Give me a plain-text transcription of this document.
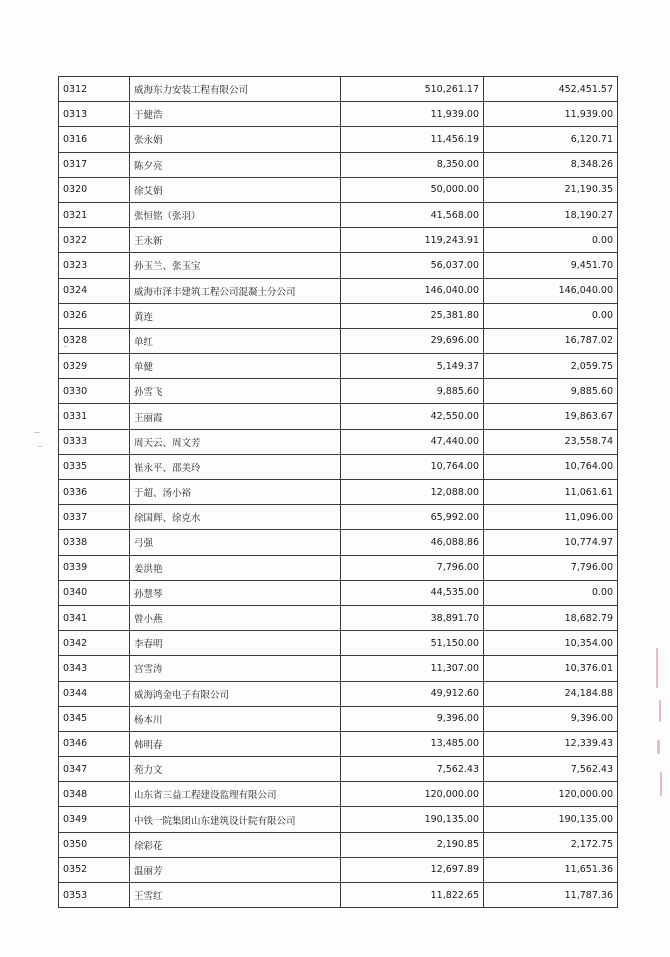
0312	威海东力安装工程有限公司	510,261.17	452,451.57
0313	于健浩	11,939.00	11,939.00
0316	张永娟	11,456.19	6,120.71
0317	陈夕亮	8,350.00	8,348.26
0320	徐艾娟	50,000.00	21,190.35
0321	张恒铭（张羽）	41,568.00	18,190.27
0322	王永新	119,243.91	0.00
0323	孙玉兰、张玉宝	56,037.00	9,451.70
0324	威海市泽丰建筑工程公司混凝土分公司	146,040.00	146,040.00
0326	黄连	25,381.80	0.00
0328	单红	29,696.00	16,787.02
0329	单健	5,149.37	2,059.75
0330	孙雪飞	9,885.60	9,885.60
0331	王丽霞	42,550.00	19,863.67
0333	周天云、周文芳	47,440.00	23,558.74
0335	崔永平、邵美玲	10,764.00	10,764.00
0336	于超、汤小裕	12,088.00	11,061.61
0337	徐国辉、徐克水	65,992.00	11,096.00
0338	弓强	46,088.86	10,774.97
0339	姜洪艳	7,796.00	7,796.00
0340	孙慧琴	44,535.00	0.00
0341	曾小燕	38,891.70	18,682.79
0342	李春明	51,150.00	10,354.00
0343	宫雪涛	11,307.00	10,376.01
0344	威海鸿金电子有限公司	49,912.60	24,184.88
0345	杨本川	9,396.00	9,396.00
0346	韩明春	13,485.00	12,339.43
0347	苑力文	7,562.43	7,562.43
0348	山东省三益工程建设监理有限公司	120,000.00	120,000.00
0349	中铁一院集团山东建筑设计院有限公司	190,135.00	190,135.00
0350	徐彩花	2,190.85	2,172.75
0352	温丽芳	12,697.89	11,651.36
0353	王雪红	11,822.65	11,787.36
